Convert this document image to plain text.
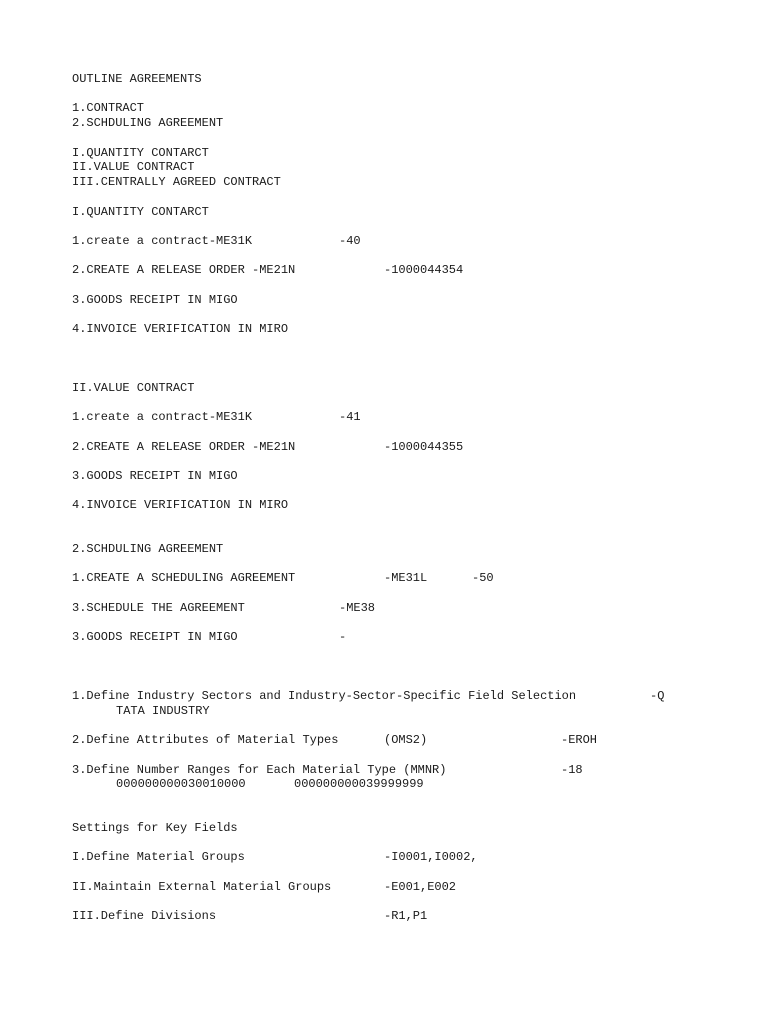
OUTLINE AGREEMENTS
1.CONTRACT
2.SCHDULING AGREEMENT
I.QUANTITY CONTARCT
II.VALUE CONTRACT
III.CENTRALLY AGREED CONTRACT
I.QUANTITY CONTARCT
1.create a contract-ME31K	-40
2.CREATE A RELEASE ORDER -ME21N	-1000044354
3.GOODS RECEIPT IN MIGO
4.INVOICE VERIFICATION IN MIRO
II.VALUE CONTRACT
1.create a contract-ME31K	-41
2.CREATE A RELEASE ORDER -ME21N	-1000044355
3.GOODS RECEIPT IN MIGO
4.INVOICE VERIFICATION IN MIRO
2.SCHDULING AGREEMENT
1.CREATE A SCHEDULING AGREEMENT	-ME31L	-50
3.SCHEDULE THE AGREEMENT	-ME38
3.GOODS RECEIPT IN MIGO	-
1.Define Industry Sectors and Industry-Sector-Specific Field Selection	-Q
TATA INDUSTRY
2.Define Attributes of Material Types	(OMS2)	-EROH
3.Define Number Ranges for Each Material Type (MMNR)	-18
000000000030010000	000000000039999999
Settings for Key Fields
I.Define Material Groups	-I0001,I0002,
II.Maintain External Material Groups	-E001,E002
III.Define Divisions	-R1,P1
